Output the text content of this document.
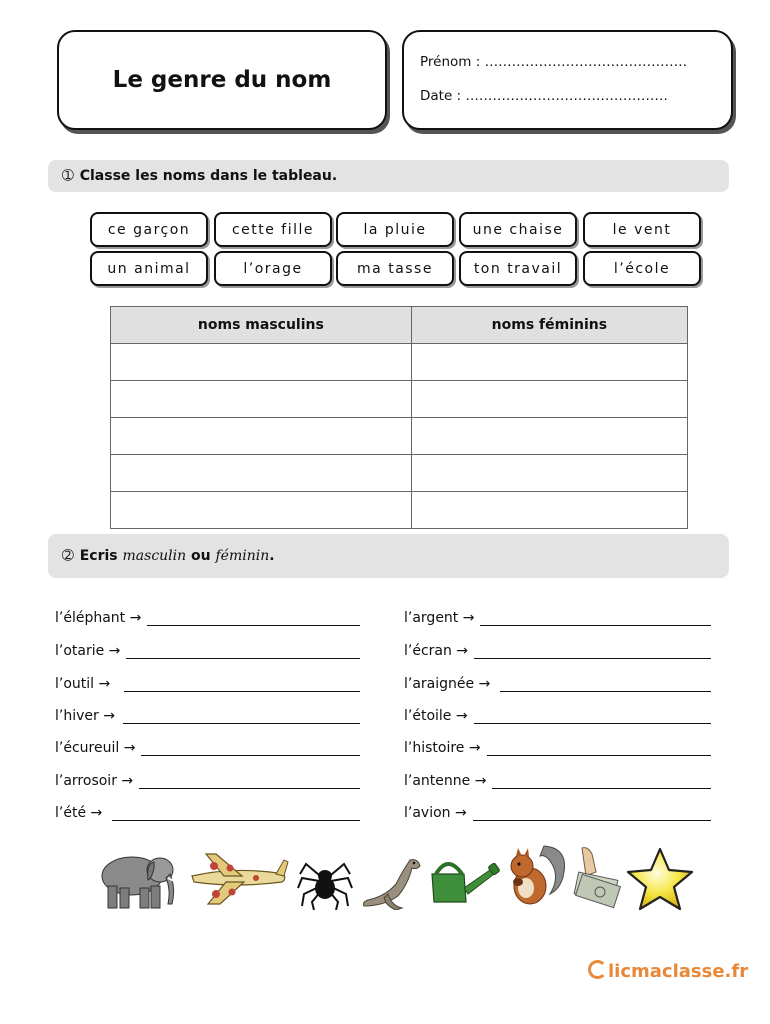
Le genre du nom
Prénom : ………………………………………
Date : ………………………………………
➀ Classe les noms dans le tableau.
ce garçon	cette fille	la pluie	une chaise	le vent
un animal	l’orage	ma tasse	ton travail	l’école
noms masculins	noms féminins

➁ Ecris
masculin
ou
féminin .
l’éléphant →
l’otarie →
l’outil →
l’hiver →
l’écureuil →
l’arrosoir →
l’été →
l’argent →
l’écran →
l’araignée →
l’étoile →
l’histoire →
l’antenne →
l’avion →
licmaclasse.fr
